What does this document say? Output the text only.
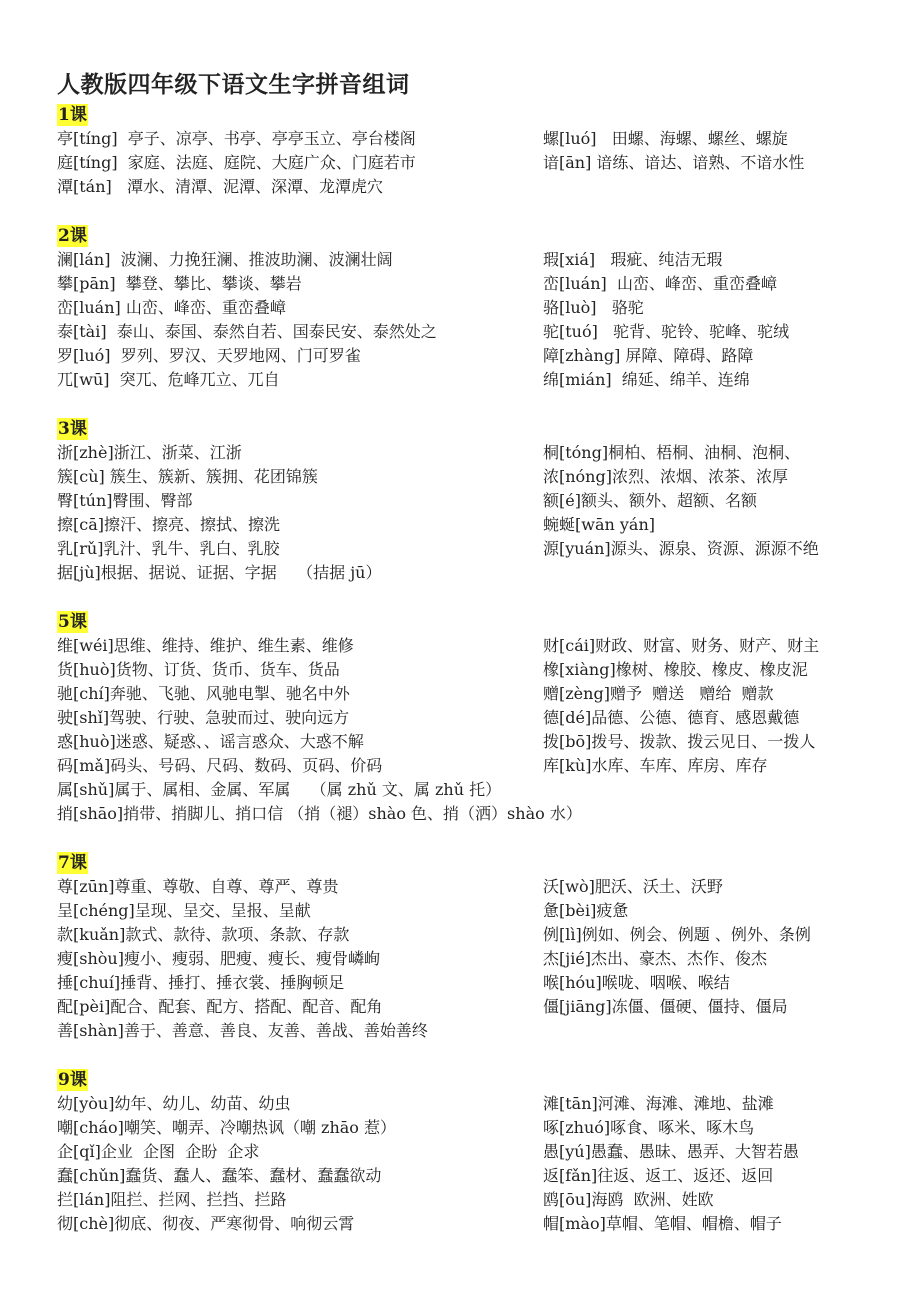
人教版四年级下语文生字拼音组词
1课
亭[tíng]  亭子、凉亭、书亭、亭亭玉立、亭台楼阁	螺[luó]   田螺、海螺、螺丝、螺旋
庭[tíng]  家庭、法庭、庭院、大庭广众、门庭若市	谙[ān] 谙练、谙达、谙熟、不谙水性
潭[tán]   潭水、清潭、泥潭、深潭、龙潭虎穴
2课
澜[lán]  波澜、力挽狂澜、推波助澜、波澜壮阔	瑕[xiá]   瑕疵、纯洁无瑕
攀[pān]  攀登、攀比、攀谈、攀岩	峦[luán]  山峦、峰峦、重峦叠嶂
峦[luán] 山峦、峰峦、重峦叠嶂	骆[luò]   骆驼
泰[tài]  泰山、泰国、泰然自若、国泰民安、泰然处之	驼[tuó]   驼背、驼铃、驼峰、驼绒
罗[luó]  罗列、罗汉、天罗地网、门可罗雀	障[zhàng] 屏障、障碍、路障
兀[wū]  突兀、危峰兀立、兀自	绵[mián]  绵延、绵羊、连绵
3课
浙[zhè]浙江、浙菜、江浙	桐[tóng]桐柏、梧桐、油桐、泡桐、
簇[cù] 簇生、簇新、簇拥、花团锦簇	浓[nóng]浓烈、浓烟、浓茶、浓厚
臀[tún]臀围、臀部	额[é]额头、额外、超额、名额
擦[cā]擦汗、擦亮、擦拭、擦洗	蜿蜒[wān yán]
乳[rǔ]乳汁、乳牛、乳白、乳胶	源[yuán]源头、源泉、资源、源源不绝
据[jù]根据、据说、证据、字据    （拮据 jū）
5课
维[wéi]思维、维持、维护、维生素、维修	财[cái]财政、财富、财务、财产、财主
货[huò]货物、订货、货币、货车、货品	橡[xiàng]橡树、橡胶、橡皮、橡皮泥
驰[chí]奔驰、飞驰、风驰电掣、驰名中外	赠[zèng]赠予  赠送   赠给  赠款
驶[shǐ]驾驶、行驶、急驶而过、驶向远方	德[dé]品德、公德、德育、感恩戴德
惑[huò]迷惑、疑惑、、谣言惑众、大惑不解	拨[bō]拨号、拨款、拨云见日、一拨人
码[mǎ]码头、号码、尺码、数码、页码、价码	库[kù]水库、车库、库房、库存
属[shǔ]属于、属相、金属、军属    （属 zhǔ 文、属 zhǔ 托）
捎[shāo]捎带、捎脚儿、捎口信 （捎（褪）shào 色、捎（洒）shào 水）
7课
尊[zūn]尊重、尊敬、自尊、尊严、尊贵	沃[wò]肥沃、沃土、沃野
呈[chéng]呈现、呈交、呈报、呈献	惫[bèi]疲惫
款[kuǎn]款式、款待、款项、条款、存款	例[lì]例如、例会、例题 、例外、条例
瘦[shòu]瘦小、瘦弱、肥瘦、瘦长、瘦骨嶙峋	杰[jié]杰出、豪杰、杰作、俊杰
捶[chuí]捶背、捶打、捶衣裳、捶胸顿足	喉[hóu]喉咙、咽喉、喉结
配[pèi]配合、配套、配方、搭配、配音、配角	僵[jiāng]冻僵、僵硬、僵持、僵局
善[shàn]善于、善意、善良、友善、善战、善始善终
9课
幼[yòu]幼年、幼儿、幼苗、幼虫	滩[tān]河滩、海滩、滩地、盐滩
嘲[cháo]嘲笑、嘲弄、冷嘲热讽（嘲 zhāo 惹）	啄[zhuó]啄食、啄米、啄木鸟
企[qǐ]企业  企图  企盼  企求	愚[yú]愚蠢、愚昧、愚弄、大智若愚
蠢[chǔn]蠢货、蠢人、蠢笨、蠢材、蠢蠢欲动	返[fǎn]往返、返工、返还、返回
拦[lán]阻拦、拦网、拦挡、拦路	鸥[ōu]海鸥  欧洲、姓欧
彻[chè]彻底、彻夜、严寒彻骨、响彻云霄	帽[mào]草帽、笔帽、帽檐、帽子
